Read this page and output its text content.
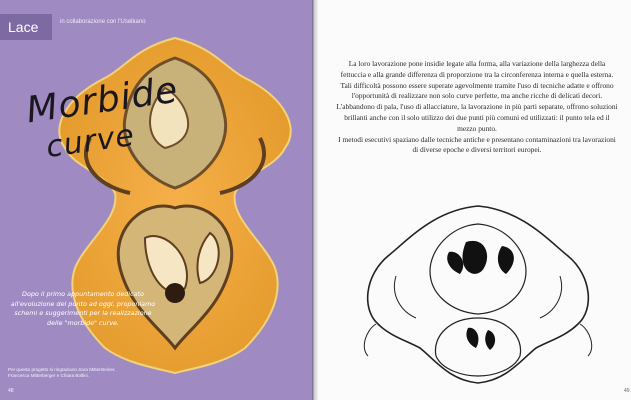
Lace	in collaborazione con l'Uselkano
Morbide
curve
Dopo il primo appuntamento dedicato all'evoluzione del punto ad oggi, proponiamo schemi e suggerimenti per la realizzazione delle "morbide" curve.
Per questo progetto si ringraziano Sara Mittersteiner, Francesca Mitterberger e Chiara Bollini.
48

La loro lavorazione pone insidie legate alla forma, alla variazione della larghezza della fettuccia e alla grande differenza di proporzione tra la circonferenza interna e quella esterna.

Tali difficoltà possono essere superate agevolmente tramite l'uso di tecniche adatte e offrono l'opportunità di realizzare non solo curve perfette, ma anche ricche di delicati decori. L'abbandono di pala, l'uso di allacciature, la lavorazione in più parti separate, offrono soluzioni brillanti anche con il solo utilizzo dei due punti più comuni ed utilizzati: il punto tela ed il mezzo punto.

I metodi esecutivi spaziano dalle tecniche antiche e presentano contaminazioni tra lavorazioni di diverse epoche e diversi territori europei.

49
